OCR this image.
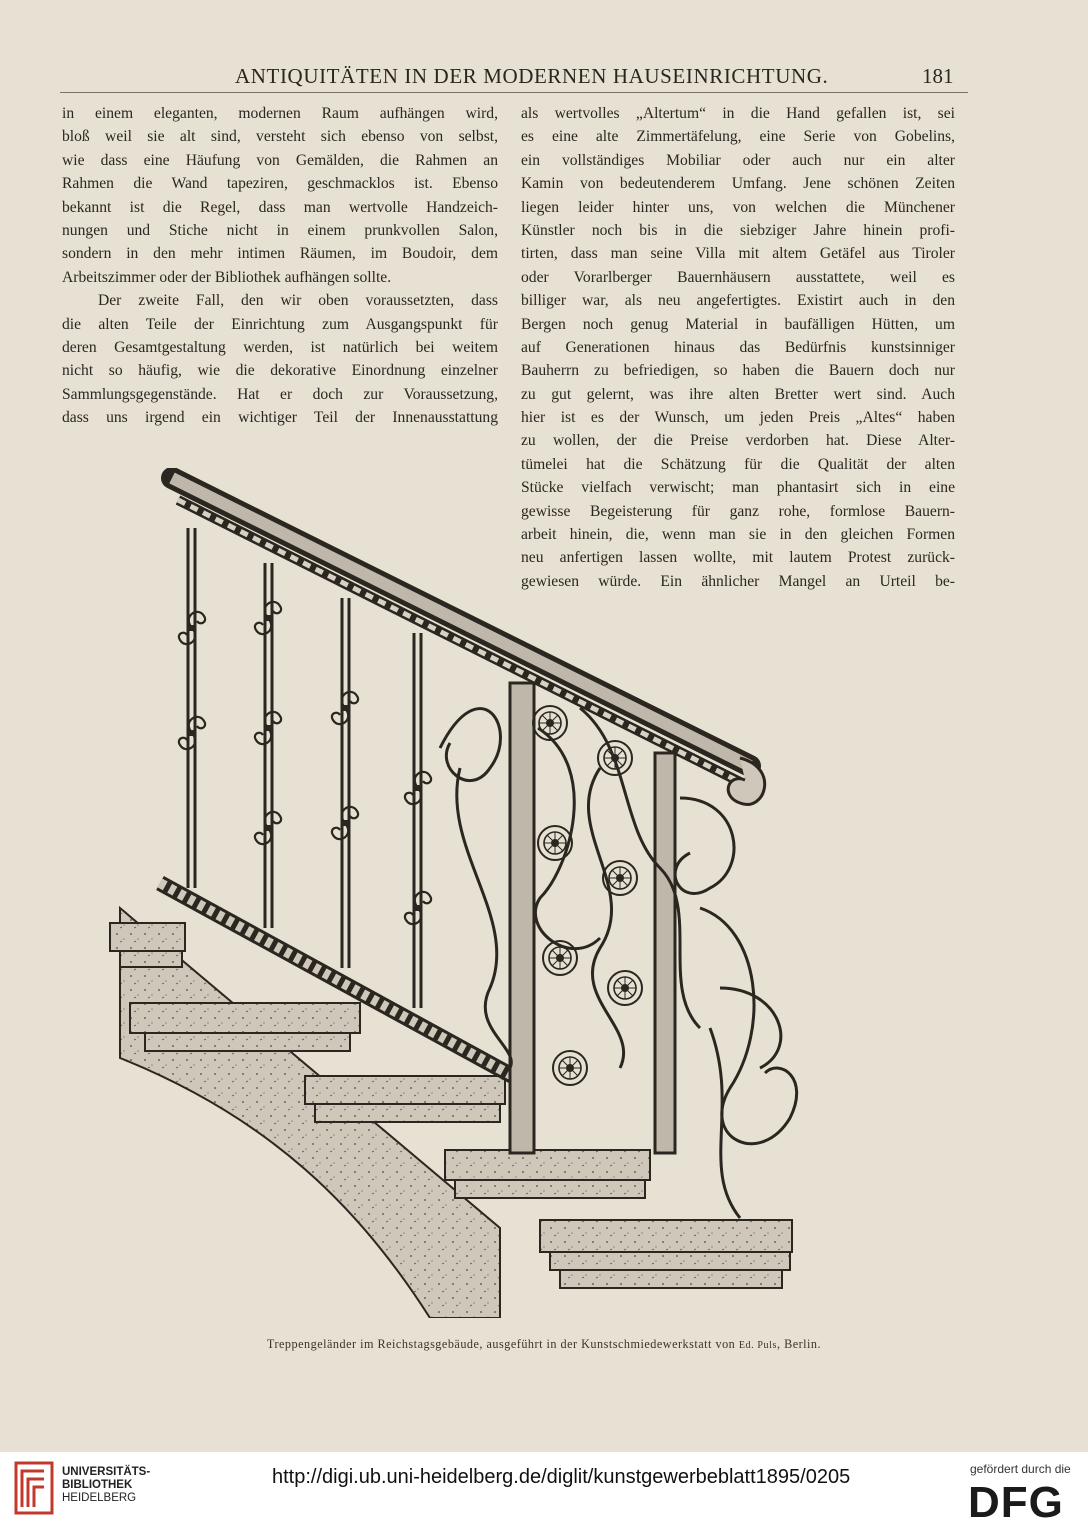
ANTIQUITÄTEN IN DER MODERNEN HAUSEINRICHTUNG.	181
in einem eleganten, modernen Raum aufhängen wird,
bloß weil sie alt sind, versteht sich ebenso von selbst,
wie dass eine Häufung von Gemälden, die Rahmen an
Rahmen die Wand tapeziren, geschmacklos ist. Ebenso
bekannt ist die Regel, dass man wertvolle Handzeich-
nungen und Stiche nicht in einem prunkvollen Salon,
sondern in den mehr intimen Räumen, im Boudoir, dem
Arbeitszimmer oder der Bibliothek aufhängen sollte.
Der zweite Fall, den wir oben voraussetzten, dass
die alten Teile der Einrichtung zum Ausgangspunkt für
deren Gesamtgestaltung werden, ist natürlich bei weitem
nicht so häufig, wie die dekorative Einordnung einzelner
Sammlungsgegenstände. Hat er doch zur Voraussetzung,
dass uns irgend ein wichtiger Teil der Innenausstattung
als wertvolles „Altertum“ in die Hand gefallen ist, sei
es eine alte Zimmertäfelung, eine Serie von Gobelins,
ein vollständiges Mobiliar oder auch nur ein alter
Kamin von bedeutenderem Umfang. Jene schönen Zeiten
liegen leider hinter uns, von welchen die Münchener
Künstler noch bis in die siebziger Jahre hinein profi-
tirten, dass man seine Villa mit altem Getäfel aus Tiroler
oder Vorarlberger Bauernhäusern ausstattete, weil es
billiger war, als neu angefertigtes. Existirt auch in den
Bergen noch genug Material in baufälligen Hütten, um
auf Generationen hinaus das Bedürfnis kunstsinniger
Bauherrn zu befriedigen, so haben die Bauern doch nur
zu gut gelernt, was ihre alten Bretter wert sind. Auch
hier ist es der Wunsch, um jeden Preis „Altes“ haben
zu wollen, der die Preise verdorben hat. Diese Alter-
tümelei hat die Schätzung für die Qualität der alten
Stücke vielfach verwischt; man phantasirt sich in eine
gewisse Begeisterung für ganz rohe, formlose Bauern-
arbeit hinein, die, wenn man sie in den gleichen Formen
neu anfertigen lassen wollte, mit lautem Protest zurück-
gewiesen würde. Ein ähnlicher Mangel an Urteil be-
Treppengeländer im Reichstagsgebäude, ausgeführt in der Kunstschmiedewerkstatt von Ed. Puls, Berlin.
UNIVERSITÄTS-
BIBLIOTHEK
HEIDELBERG
http://digi.ub.uni-heidelberg.de/diglit/kunstgewerbeblatt1895/0205	gefördert durch die
DFG
